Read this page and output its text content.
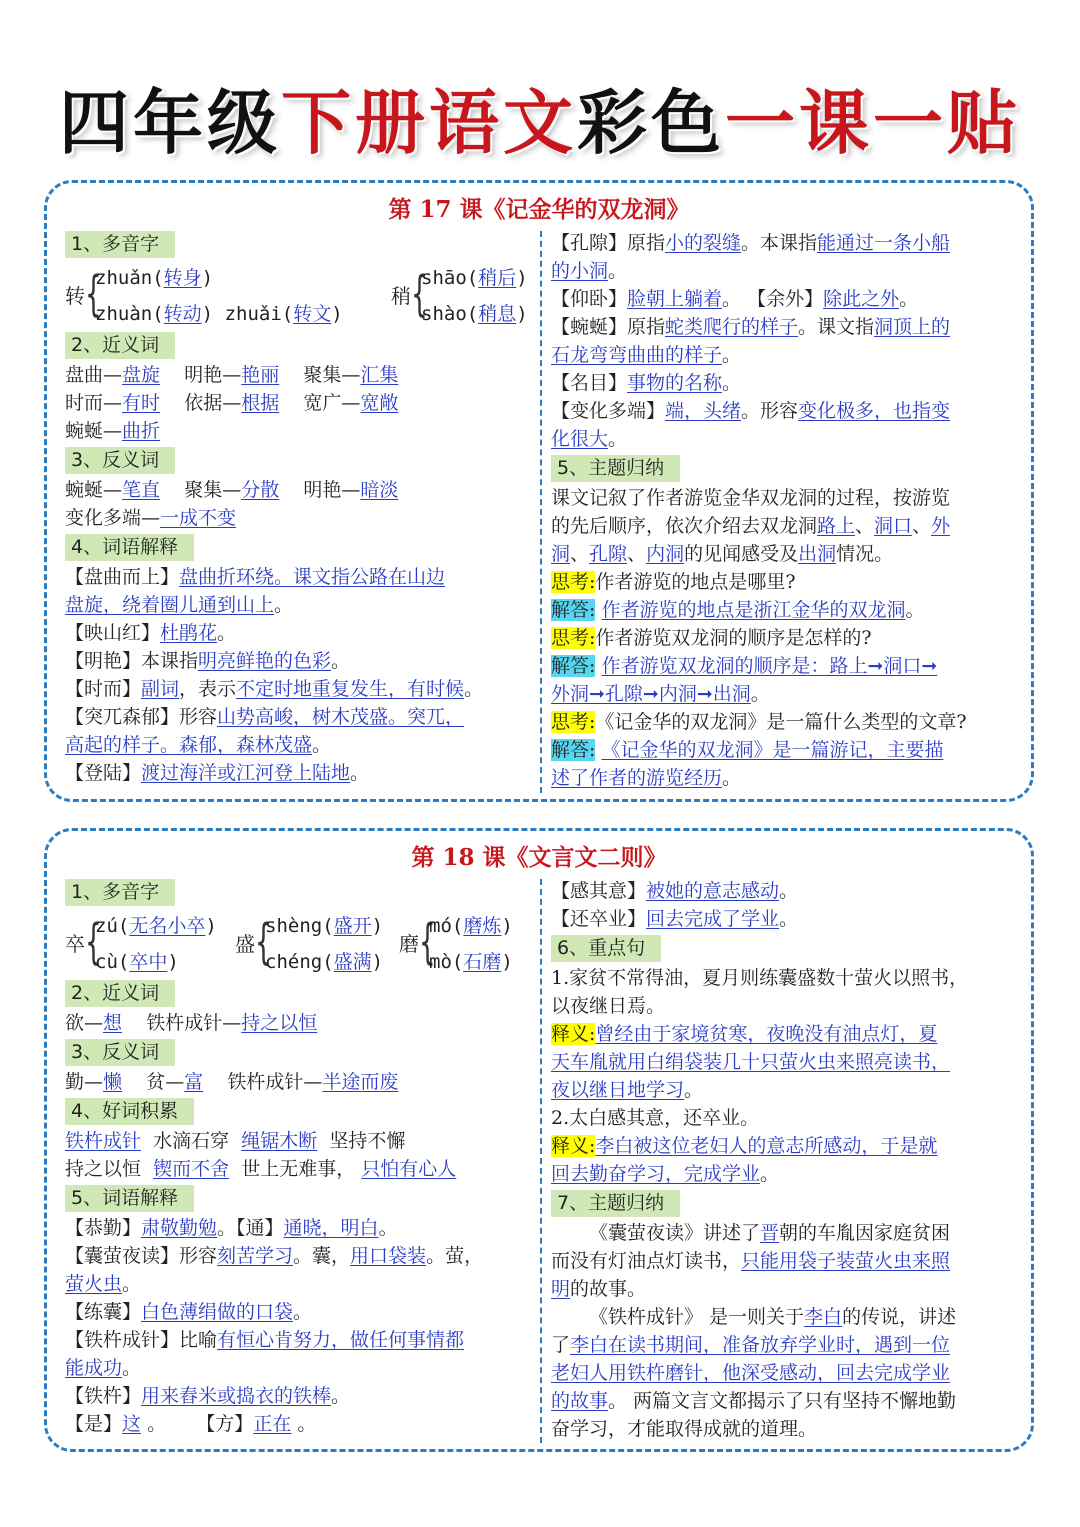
四年级下册语文彩色一课一贴
第 17 课《记金华的双龙洞》
1、多音字
转 {
zhuǎn(转身)
zhuàn(转动) zhuǎi(转文)
稍 {
shāo(稍后)
shào(稍息)
2、近义词
盘曲—盘旋 明艳—艳丽 聚集—汇集
时而—有时 依据—根据 宽广—宽敞
蜿蜒—曲折
3、反义词
蜿蜒—笔直 聚集—分散 明艳—暗淡
变化多端—一成不变
4、词语解释
【盘曲而上】盘曲折环绕。课文指公路在山边
盘旋，绕着圈儿通到山上。
【映山红】杜鹃花。
【明艳】本课指明亮鲜艳的色彩。
【时而】副词，表示不定时地重复发生，有时候。
【突兀森郁】形容山势高峻，树木茂盛。突兀，
高起的样子。森郁，森林茂盛。
【登陆】渡过海洋或江河登上陆地。
【孔隙】原指小的裂缝。本课指能通过一条小船
的小洞。
【仰卧】脸朝上躺着。 【余外】除此之外。
【蜿蜒】原指蛇类爬行的样子。课文指洞顶上的
石龙弯弯曲曲的样子。
【名目】事物的名称。
【变化多端】端，头绪。形容变化极多，也指变
化很大。
5、主题归纳
课文记叙了作者游览金华双龙洞的过程，按游览
的先后顺序，依次介绍去双龙洞路上、洞口、外
洞、孔隙、内洞的见闻感受及出洞情况。
思考:作者游览的地点是哪里?
解答: 作者游览的地点是浙江金华的双龙洞。
思考:作者游览双龙洞的顺序是怎样的?
解答: 作者游览双龙洞的顺序是：路上➞洞口➞
外洞➞孔隙➞内洞➞出洞。
思考:《记金华的双龙洞》是一篇什么类型的文章?
解答: 《记金华的双龙洞》是一篇游记，主要描
述了作者的游览经历。
第 18 课《文言文二则》
1、多音字
卒 {
zú(无名小卒)
cù(卒中)
盛 {
shèng(盛开)
chéng(盛满)
磨 {
mó(磨炼)
mò(石磨)
2、近义词
欲—想 铁杵成针—持之以恒
3、反义词
勤—懒 贫—富 铁杵成针—半途而废
4、好词积累
铁杵成针 水滴石穿 绳锯木断 坚持不懈
持之以恒 锲而不舍 世上无难事， 只怕有心人
5、词语解释
【恭勤】肃敬勤勉。【通】通晓，明白。
【囊萤夜读】形容刻苦学习。囊，用口袋装。萤，
萤火虫。
【练囊】白色薄绢做的口袋。
【铁杵成针】比喻有恒心肯努力，做任何事情都
能成功。
【铁杵】用来舂米或捣衣的铁棒。
【是】这 。 【方】正在 。
【感其意】被她的意志感动。
【还卒业】回去完成了学业。
6、重点句
1.家贫不常得油，夏月则练囊盛数十萤火以照书，
以夜继日焉。
释义:曾经由于家境贫寒，夜晚没有油点灯，夏
天车胤就用白绢袋装几十只萤火虫来照亮读书，
夜以继日地学习。
2.太白感其意，还卒业。
释义:李白被这位老妇人的意志所感动，于是就
回去勤奋学习，完成学业。
7、主题归纳
《囊萤夜读》讲述了晋朝的车胤因家庭贫困
而没有灯油点灯读书，只能用袋子装萤火虫来照
明的故事。
《铁杵成针》 是一则关于李白的传说，讲述
了李白在读书期间，准备放弃学业时，遇到一位
老妇人用铁杵磨针，他深受感动，回去完成学业
的故事。 两篇文言文都揭示了只有坚持不懈地勤
奋学习，才能取得成就的道理。
